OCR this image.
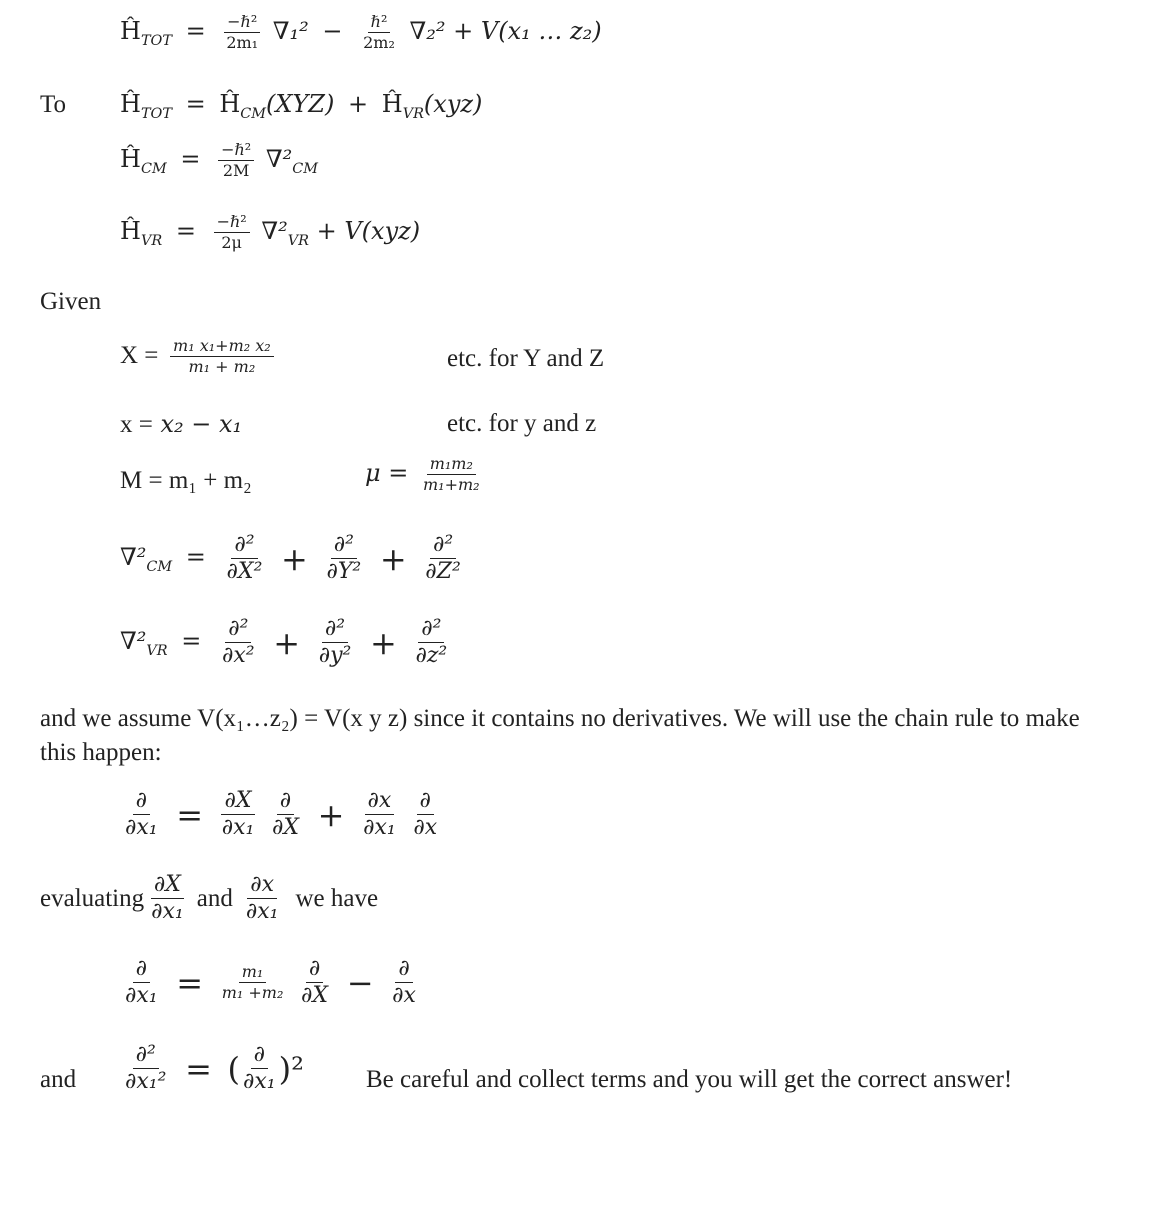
$Ĥ_{TOT} = \frac{\text{−ℏ²}}{\text{2m₁}} \nabla_1^2 - \frac{\text{ℏ²}}{\text{2m₂}} \nabla_2^2 + V(x_1$ … z₂)
To $Ĥ_{TOT}$ = $Ĥ_{CM}(XYZ)$ + $Ĥ_{VR}(xyz)$
$Ĥ_{CM} = \frac{\text{−ℏ²}}{2M} \nabla^2_{CM}$
$Ĥ_{VR} = \frac{\text{−ℏ²}}{2\mu} \nabla^2_{VR} + V(xyz)$
Given
$X = \frac{\text{m₁ x₁+m₂ x₂}}{\text{m₁ + m₂}}$	etc. for Y and Z
x = x₂ − x₁	etc. for y and z
M = m₁ + m₂	$\mu = \frac{\text{m₁m₂}}{\text{m₁+m₂}}$
$\nabla^2_{CM} = \frac{\text{∂²}}{\text{∂X²}} + \frac{\text{∂²}}{\text{∂Y²}} + \frac{\text{∂²}}{\text{∂Z²}}$
$\nabla^2_{VR} = \frac{\text{∂²}}{\text{∂x²}} + \frac{\text{∂²}}{\text{∂y²}} + \frac{\text{∂²}}{\text{∂z²}}$
and we assume V(x₁…z₂) = V(x y z) since it contains no derivatives. We will use the chain rule to make this happen:
$\frac{\partial}{\text{∂x₁}} = \frac{\partial X}{\text{∂x₁}}$
$\frac{\partial}{\partial X} + \frac{\partial x}{\text{∂x₁}}$
$\frac{\partial}{\partial x}$
evaluating $\frac{\partial X}{\text{∂x₁}}$ and $\frac{\partial x}{\text{∂x₁}}$ we have
$\frac{\partial}{\text{∂x₁}} = \frac{\text{m₁}}{\text{m₁ +m₂}}$
$\frac{\partial}{\partial X} - \frac{\partial}{\partial x}$
and $\frac{\text{∂²}}{\text{∂x₁²}}$ = ( $\frac{\partial}{\text{∂x₁}} )^2$ Be careful and collect terms and you will get the correct answer!
